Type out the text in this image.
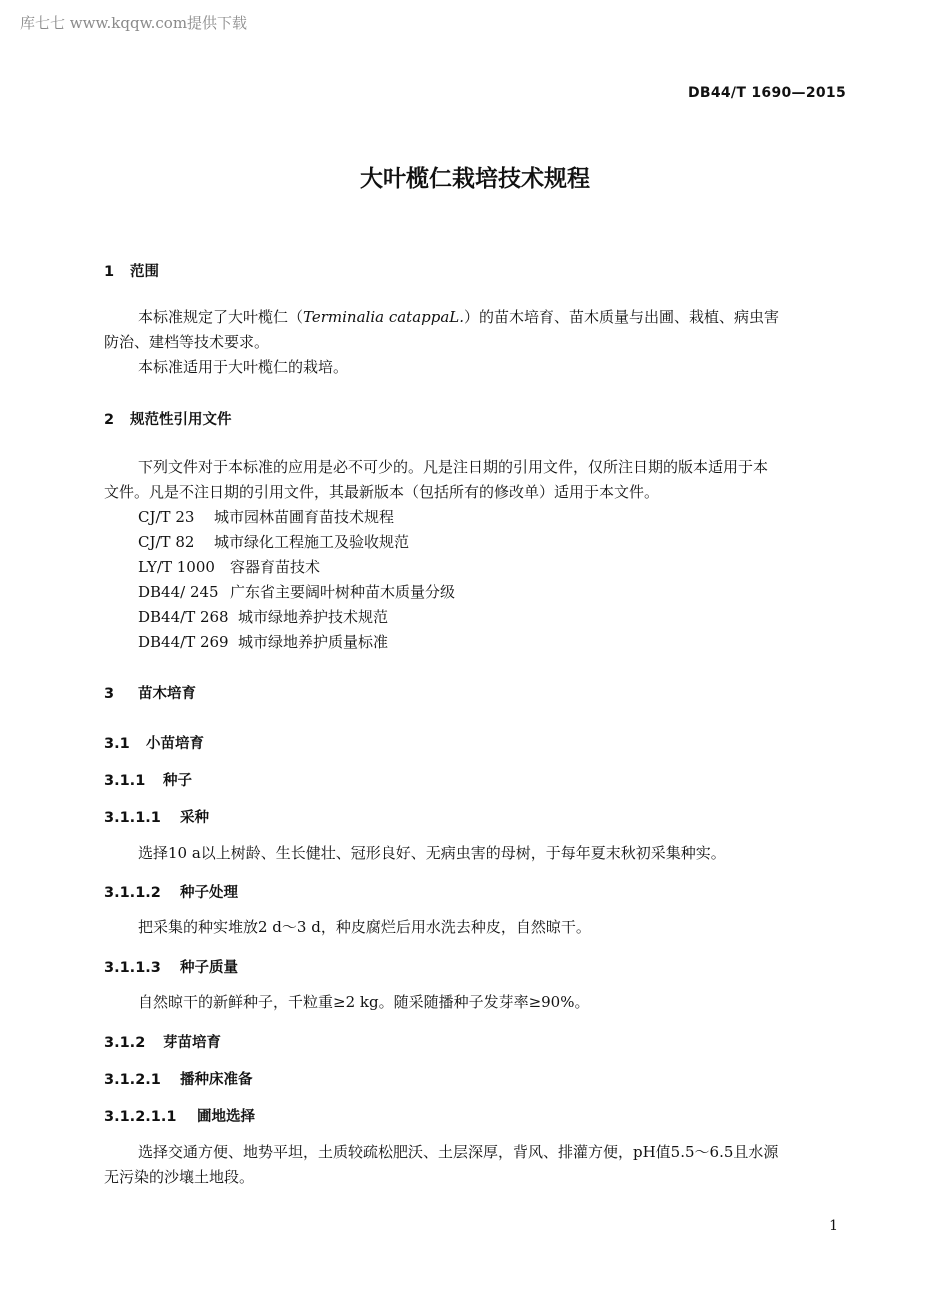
库七七 www.kqqw.com提供下载
DB44/T 1690—2015
大叶榄仁栽培技术规程
1 范围
本标准规定了大叶榄仁（Terminalia catappaL.）的苗木培育、苗木质量与出圃、栽植、病虫害
防治、建档等技术要求。
本标准适用于大叶榄仁的栽培。
2 规范性引用文件
下列文件对于本标准的应用是必不可少的。凡是注日期的引用文件，仅所注日期的版本适用于本
文件。凡是不注日期的引用文件，其最新版本（包括所有的修改单）适用于本文件。
CJ/T 23 城市园林苗圃育苗技术规程
CJ/T 82 城市绿化工程施工及验收规范
LY/T 1000 容器育苗技术
DB44/ 245 广东省主要阔叶树种苗木质量分级
DB44/T 268 城市绿地养护技术规范
DB44/T 269 城市绿地养护质量标准
3 苗木培育
3.1 小苗培育
3.1.1 种子
3.1.1.1 采种
选择10 a以上树龄、生长健壮、冠形良好、无病虫害的母树，于每年夏末秋初采集种实。
3.1.1.2 种子处理
把采集的种实堆放2 d～3 d，种皮腐烂后用水洗去种皮，自然晾干。
3.1.1.3 种子质量
自然晾干的新鲜种子，千粒重≥2 kg。随采随播种子发芽率≥90%。
3.1.2 芽苗培育
3.1.2.1 播种床准备
3.1.2.1.1 圃地选择
选择交通方便、地势平坦，土质较疏松肥沃、土层深厚，背风、排灌方便，pH值5.5～6.5且水源
无污染的沙壤土地段。
1
